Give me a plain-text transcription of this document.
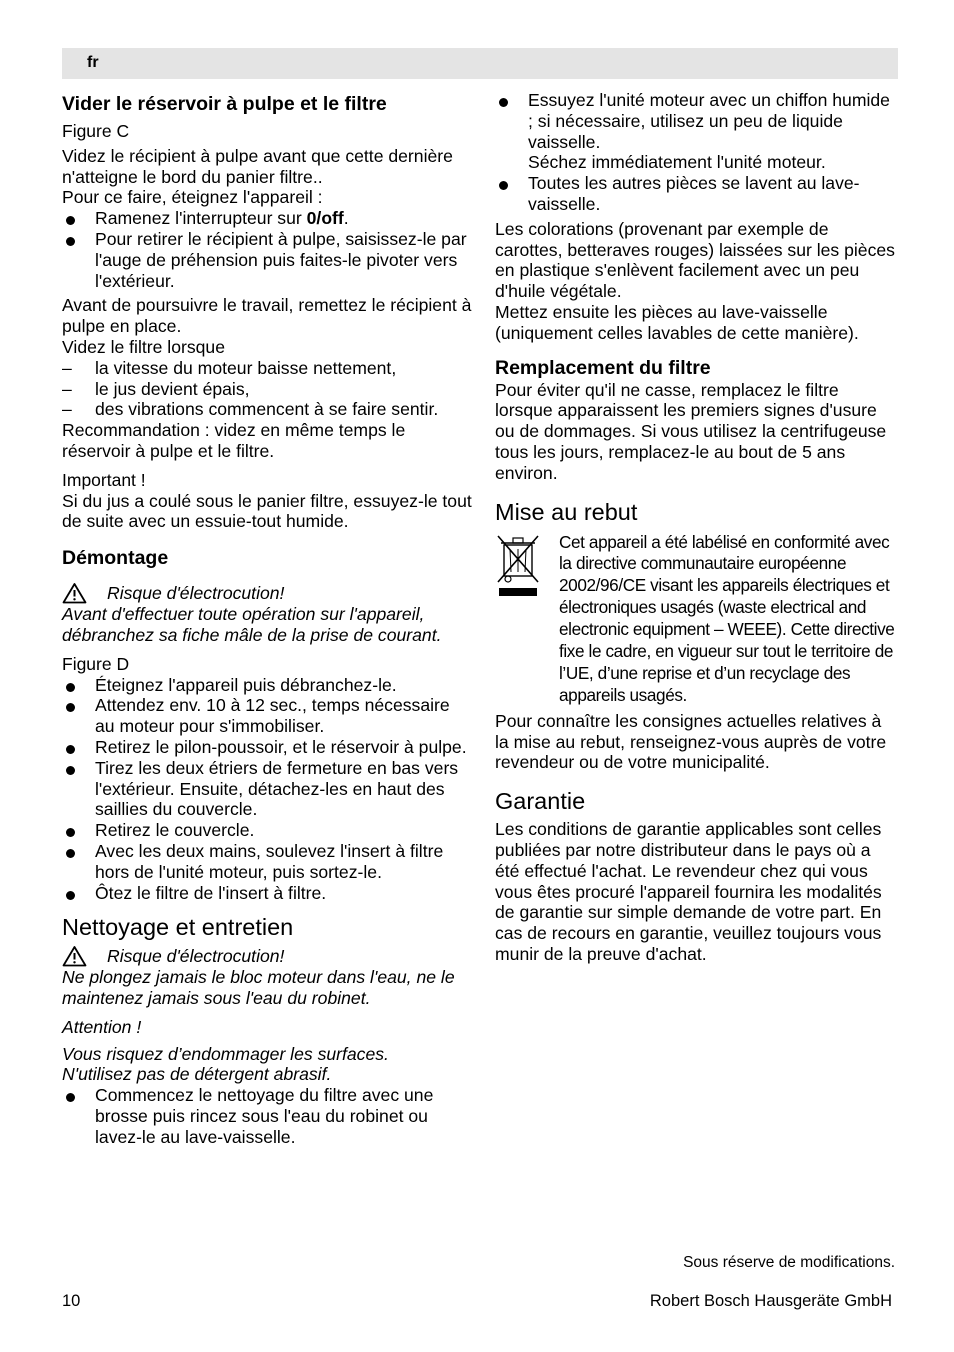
fr
Vider le réservoir à pulpe et le filtre
Figure C

Videz le récipient à pulpe avant que cette dernière n'atteigne le bord du panier filtre..

Pour ce faire, éteignez l'appareil :

Ramenez l'interrupteur sur 0/off.
Pour retirer le récipient à pulpe, saisissez-le par l'auge de préhension puis faites-le pivoter vers l'extérieur.

Avant de poursuivre le travail, remettez le récipient à pulpe en place.

Videz le filtre lorsque

– la vitesse du moteur baisse nettement,
– le jus devient épais,
– des vibrations commencent à se faire sentir.

Recommandation : videz en même temps le réservoir à pulpe et le filtre.

Important !

Si du jus a coulé sous le panier filtre, essuyez-le tout de suite avec un essuie-tout humide.

Démontage
Risque d'électrocution!

Avant d'effectuer toute opération sur l'appareil, débranchez sa fiche mâle de la prise de courant.

Figure D
Éteignez l'appareil puis débranchez-le.
Attendez env. 10 à 12 sec., temps nécessaire au moteur pour s'immobiliser.
Retirez le pilon-poussoir, et le réservoir à pulpe.
Tirez les deux étriers de fermeture en bas vers l'extérieur. Ensuite, détachez-les en haut des saillies du couvercle.
Retirez le couvercle.
Avec les deux mains, soulevez l'insert à filtre hors de l'unité moteur, puis sortez-le.
Ôtez le filtre de l'insert à filtre.
Nettoyage et entretien
Risque d'électrocution!

Ne plongez jamais le bloc moteur dans l'eau, ne le maintenez jamais sous l'eau du robinet.

Attention !

Vous risquez d’endommager les surfaces.

N'utilisez pas de détergent abrasif.

Commencez le nettoyage du filtre avec une brosse puis rincez sous l'eau du robinet ou lavez-le au lave-vaisselle.
Essuyez l'unité moteur avec un chiffon humide ; si nécessaire, utilisez un peu de liquide vaisselle.
Séchez immédiatement l'unité moteur.
Toutes les autres pièces se lavent au lave-vaisselle.

Les colorations (provenant par exemple de carottes, betteraves rouges) laissées sur les pièces en plastique s'enlèvent facilement avec un peu d'huile végétale.

Mettez ensuite les pièces au lave-vaisselle (uniquement celles lavables de cette manière).

Remplacement du filtre

Pour éviter qu'il ne casse, remplacez le filtre lorsque apparaissent les premiers signes d'usure ou de dommages. Si vous utilisez la centrifugeuse tous les jours, remplacez-le au bout de 5 ans environ.

Mise au rebut

Cet appareil a été labélisé en conformité avec la directive communautaire européenne 2002/96/CE visant les appareils électriques et électroniques usagés (waste electrical and electronic equipment – WEEE). Cette directive fixe le cadre, en vigueur sur tout le territoire de l’UE, d’une reprise et d’un recyclage des appareils usagés.

Pour connaître les consignes actuelles relatives à la mise au rebut, renseignez-vous auprès de votre revendeur ou de votre municipalité.

Garantie

Les conditions de garantie applicables sont celles publiées par notre distributeur dans le pays où a été effectué l'achat. Le revendeur chez qui vous vous êtes procuré l'appareil fournira les modalités de garantie sur simple demande de votre part. En cas de recours en garantie, veuillez toujours vous munir de la preuve d'achat.

Sous réserve de modifications.
10	Robert Bosch Hausgeräte GmbH
